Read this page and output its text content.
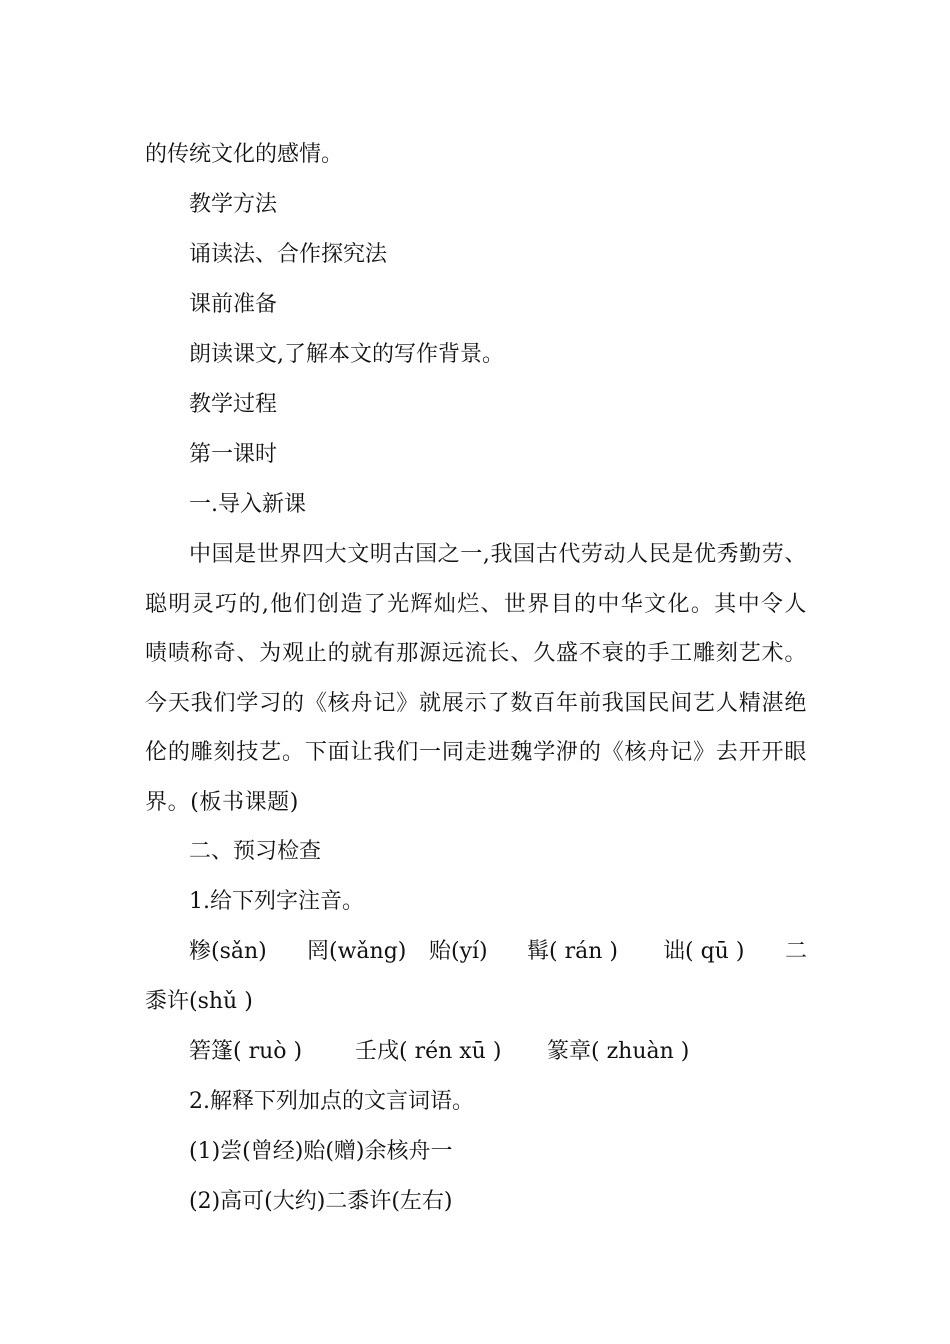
的传统文化的感情。
教学方法
诵读法、合作探究法
课前准备
朗读课文,了解本文的写作背景。
教学过程
第一课时
一.导入新课
中国是世界四大文明古国之一,我国古代劳动人民是优秀勤劳、聪明灵巧的,他们创造了光辉灿烂、世界目的中华文化。其中令人啧啧称奇、为观止的就有那源远流长、久盛不衰的手工雕刻艺术。今天我们学习的《核舟记》就展示了数百年前我国民间艺人精湛绝伦的雕刻技艺。下面让我们一同走进魏学洢的《核舟记》去开开眼界。(板书课题)
二、预习检查
1.给下列字注音。
糁(sǎn) 罔(wǎng) 贻(yí) 髯( rán ) 诎( qū ) 二
黍许(shǔ )
箬篷( ruò ) 壬戌( rén xū ) 篆章( zhuàn )
2.解释下列加点的文言词语。
(1)尝(曾经)贻(赠)余核舟一
(2)高可(大约)二黍许(左右)
